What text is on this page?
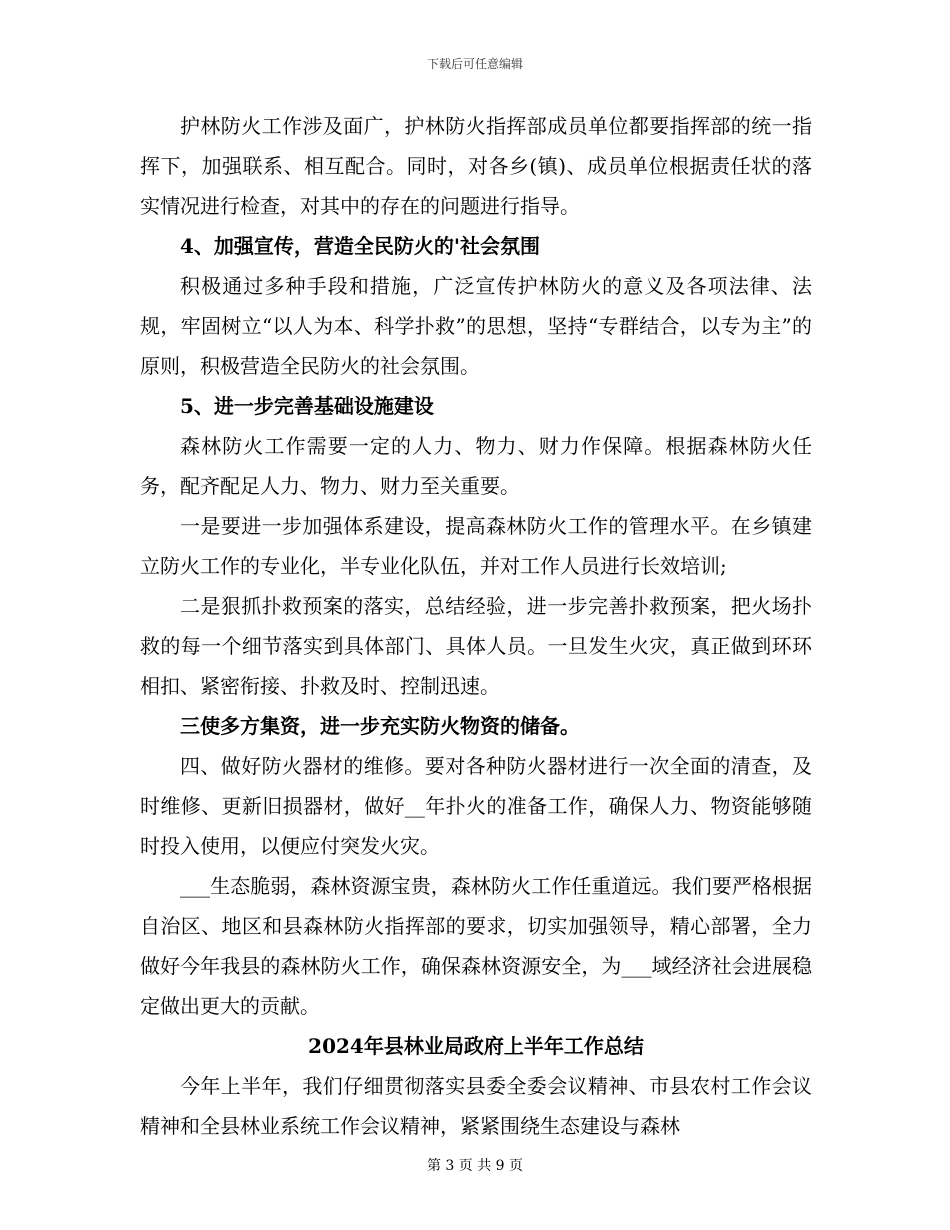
下载后可任意编辑

护林防火工作涉及面广，护林防火指挥部成员单位都要指挥部的统一指挥下，加强联系、相互配合。同时，对各乡(镇)、成员单位根据责任状的落实情况进行检查，对其中的存在的问题进行指导。

4、加强宣传，营造全民防火的'社会氛围

积极通过多种手段和措施，广泛宣传护林防火的意义及各项法律、法规，牢固树立“以人为本、科学扑救”的思想，坚持“专群结合，以专为主”的原则，积极营造全民防火的社会氛围。

5、进一步完善基础设施建设

森林防火工作需要一定的人力、物力、财力作保障。根据森林防火任务，配齐配足人力、物力、财力至关重要。

一是要进一步加强体系建设，提高森林防火工作的管理水平。在乡镇建立防火工作的专业化，半专业化队伍，并对工作人员进行长效培训;

二是狠抓扑救预案的落实，总结经验，进一步完善扑救预案，把火场扑救的每一个细节落实到具体部门、具体人员。一旦发生火灾，真正做到环环相扣、紧密衔接、扑救及时、控制迅速。

三使多方集资，进一步充实防火物资的储备。

四、做好防火器材的维修。要对各种防火器材进行一次全面的清查，及时维修、更新旧损器材，做好__年扑火的准备工作，确保人力、物资能够随时投入使用，以便应付突发火灾。

___生态脆弱，森林资源宝贵，森林防火工作任重道远。我们要严格根据自治区、地区和县森林防火指挥部的要求，切实加强领导，精心部署，全力做好今年我县的森林防火工作，确保森林资源安全，为___域经济社会进展稳定做出更大的贡献。

2024年县林业局政府上半年工作总结

今年上半年，我们仔细贯彻落实县委全委会议精神、市县农村工作会议精神和全县林业系统工作会议精神，紧紧围绕生态建设与森林

第 3 页 共 9 页
